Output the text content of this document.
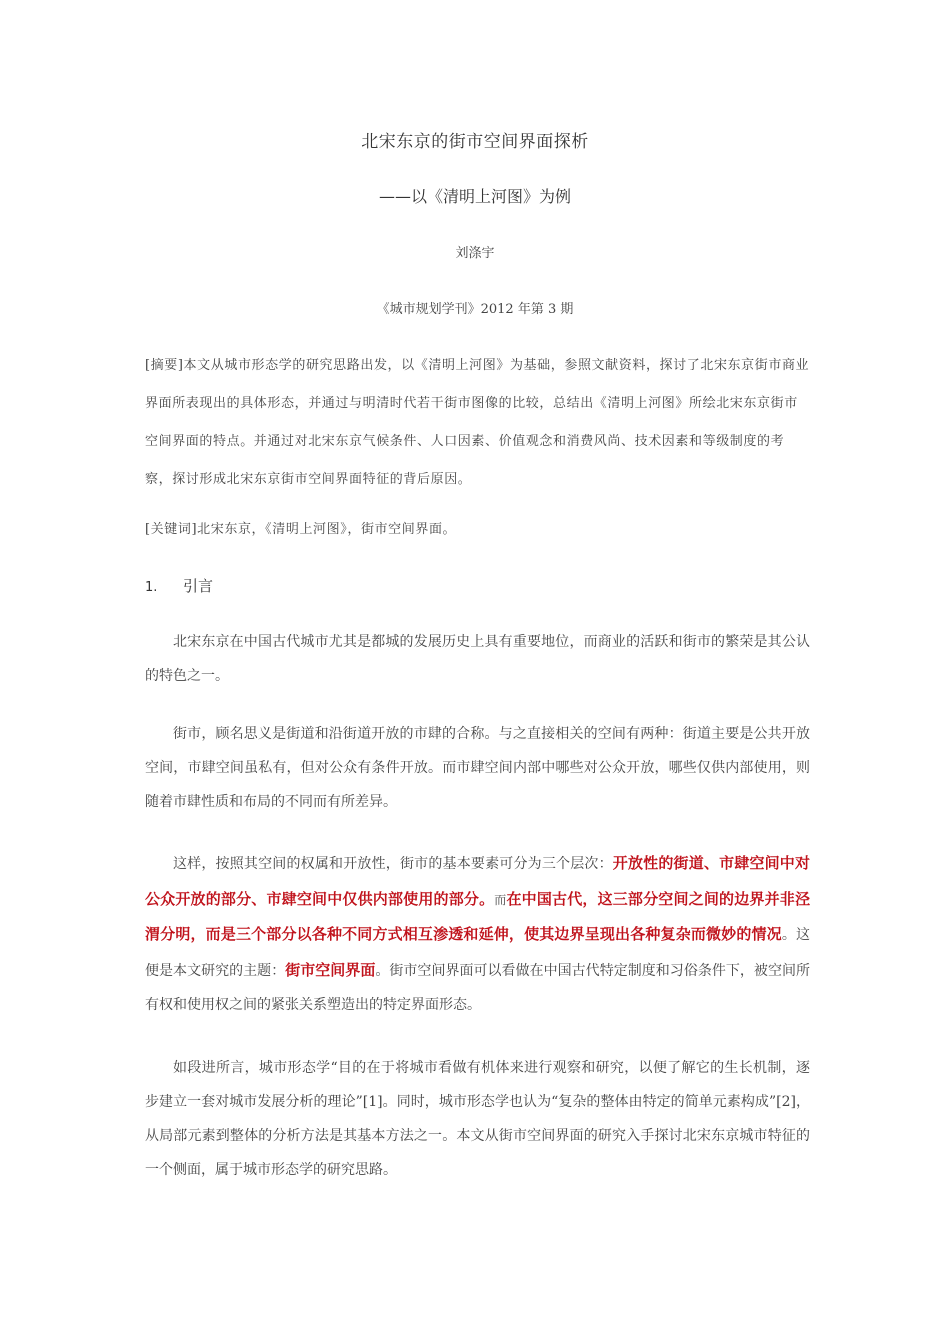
北宋东京的街市空间界面探析
——以《清明上河图》为例
刘涤宇
《城市规划学刊》2012 年第 3 期
[摘要]本文从城市形态学的研究思路出发，以《清明上河图》为基础，参照文献资料，探讨了北宋东京街市商业界面所表现出的具体形态，并通过与明清时代若干街市图像的比较，总结出《清明上河图》所绘北宋东京街市空间界面的特点。并通过对北宋东京气候条件、人口因素、价值观念和消费风尚、技术因素和等级制度的考察，探讨形成北宋东京街市空间界面特征的背后原因。
[关键词]北宋东京，《清明上河图》，街市空间界面。
1. 引言
北宋东京在中国古代城市尤其是都城的发展历史上具有重要地位，而商业的活跃和街市的繁荣是其公认的特色之一。
街市，顾名思义是街道和沿街道开放的市肆的合称。与之直接相关的空间有两种：街道主要是公共开放空间，市肆空间虽私有，但对公众有条件开放。而市肆空间内部中哪些对公众开放，哪些仅供内部使用，则随着市肆性质和布局的不同而有所差异。
这样，按照其空间的权属和开放性，街市的基本要素可分为三个层次：开放性的街道、市肆空间中对公众开放的部分、市肆空间中仅供内部使用的部分。而在中国古代，这三部分空间之间的边界并非泾渭分明，而是三个部分以各种不同方式相互渗透和延伸，使其边界呈现出各种复杂而微妙的情况。这便是本文研究的主题：街市空间界面。街市空间界面可以看做在中国古代特定制度和习俗条件下，被空间所有权和使用权之间的紧张关系塑造出的特定界面形态。
如段进所言，城市形态学“目的在于将城市看做有机体来进行观察和研究，以便了解它的生长机制，逐步建立一套对城市发展分析的理论”[1]。同时，城市形态学也认为“复杂的整体由特定的简单元素构成”[2]，从局部元素到整体的分析方法是其基本方法之一。本文从街市空间界面的研究入手探讨北宋东京城市特征的一个侧面，属于城市形态学的研究思路。
